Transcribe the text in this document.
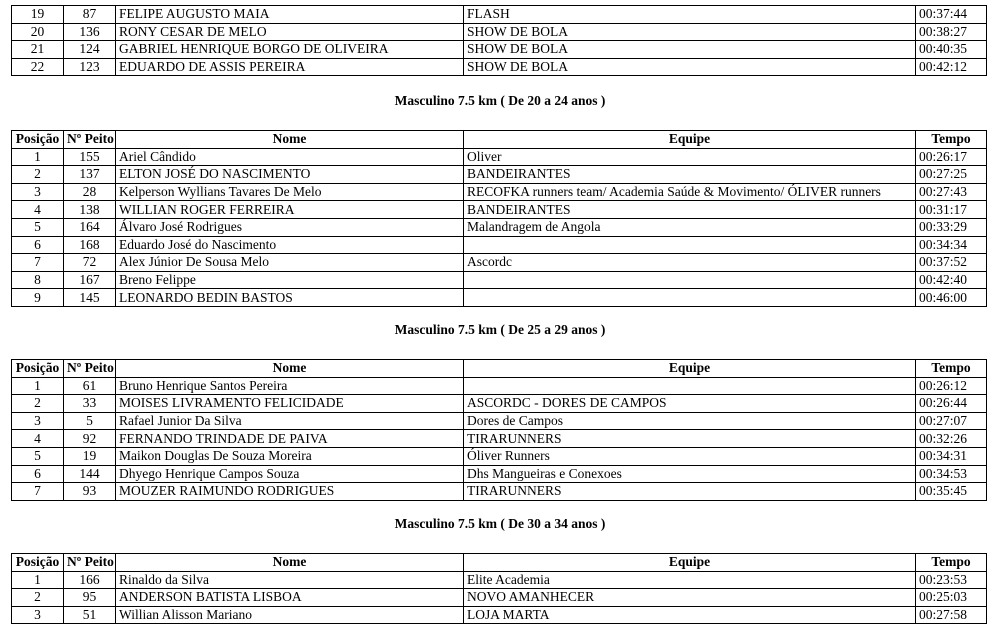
19	87	FELIPE AUGUSTO MAIA	FLASH	00:37:44
20	136	RONY CESAR DE MELO	SHOW DE BOLA	00:38:27
21	124	GABRIEL HENRIQUE BORGO DE OLIVEIRA	SHOW DE BOLA	00:40:35
22	123	EDUARDO DE ASSIS PEREIRA	SHOW DE BOLA	00:42:12
Masculino 7.5 km ( De 20 a 24 anos )
Posição	Nº Peito	Nome	Equipe	Tempo
1	155	Ariel Cândido	Oliver	00:26:17
2	137	ELTON JOSÉ DO NASCIMENTO	BANDEIRANTES	00:27:25
3	28	Kelperson Wyllians Tavares De Melo	RECOFKA runners team/ Academia Saúde & Movimento/ ÓLIVER runners	00:27:43
4	138	WILLIAN ROGER FERREIRA	BANDEIRANTES	00:31:17
5	164	Álvaro José Rodrigues	Malandragem de Angola	00:33:29
6	168	Eduardo José do Nascimento		00:34:34
7	72	Alex Júnior De Sousa Melo	Ascordc	00:37:52
8	167	Breno Felippe		00:42:40
9	145	LEONARDO BEDIN BASTOS		00:46:00
Masculino 7.5 km ( De 25 a 29 anos )
Posição	Nº Peito	Nome	Equipe	Tempo
1	61	Bruno Henrique Santos Pereira		00:26:12
2	33	MOISES LIVRAMENTO FELICIDADE	ASCORDC - DORES DE CAMPOS	00:26:44
3	5	Rafael Junior Da Silva	Dores de Campos	00:27:07
4	92	FERNANDO TRINDADE DE PAIVA	TIRARUNNERS	00:32:26
5	19	Maikon Douglas De Souza Moreira	Óliver Runners	00:34:31
6	144	Dhyego Henrique Campos Souza	Dhs Mangueiras e Conexoes	00:34:53
7	93	MOUZER RAIMUNDO RODRIGUES	TIRARUNNERS	00:35:45
Masculino 7.5 km ( De 30 a 34 anos )
Posição	Nº Peito	Nome	Equipe	Tempo
1	166	Rinaldo da Silva	Elite Academia	00:23:53
2	95	ANDERSON BATISTA LISBOA	NOVO AMANHECER	00:25:03
3	51	Willian Alisson Mariano	LOJA MARTA	00:27:58
